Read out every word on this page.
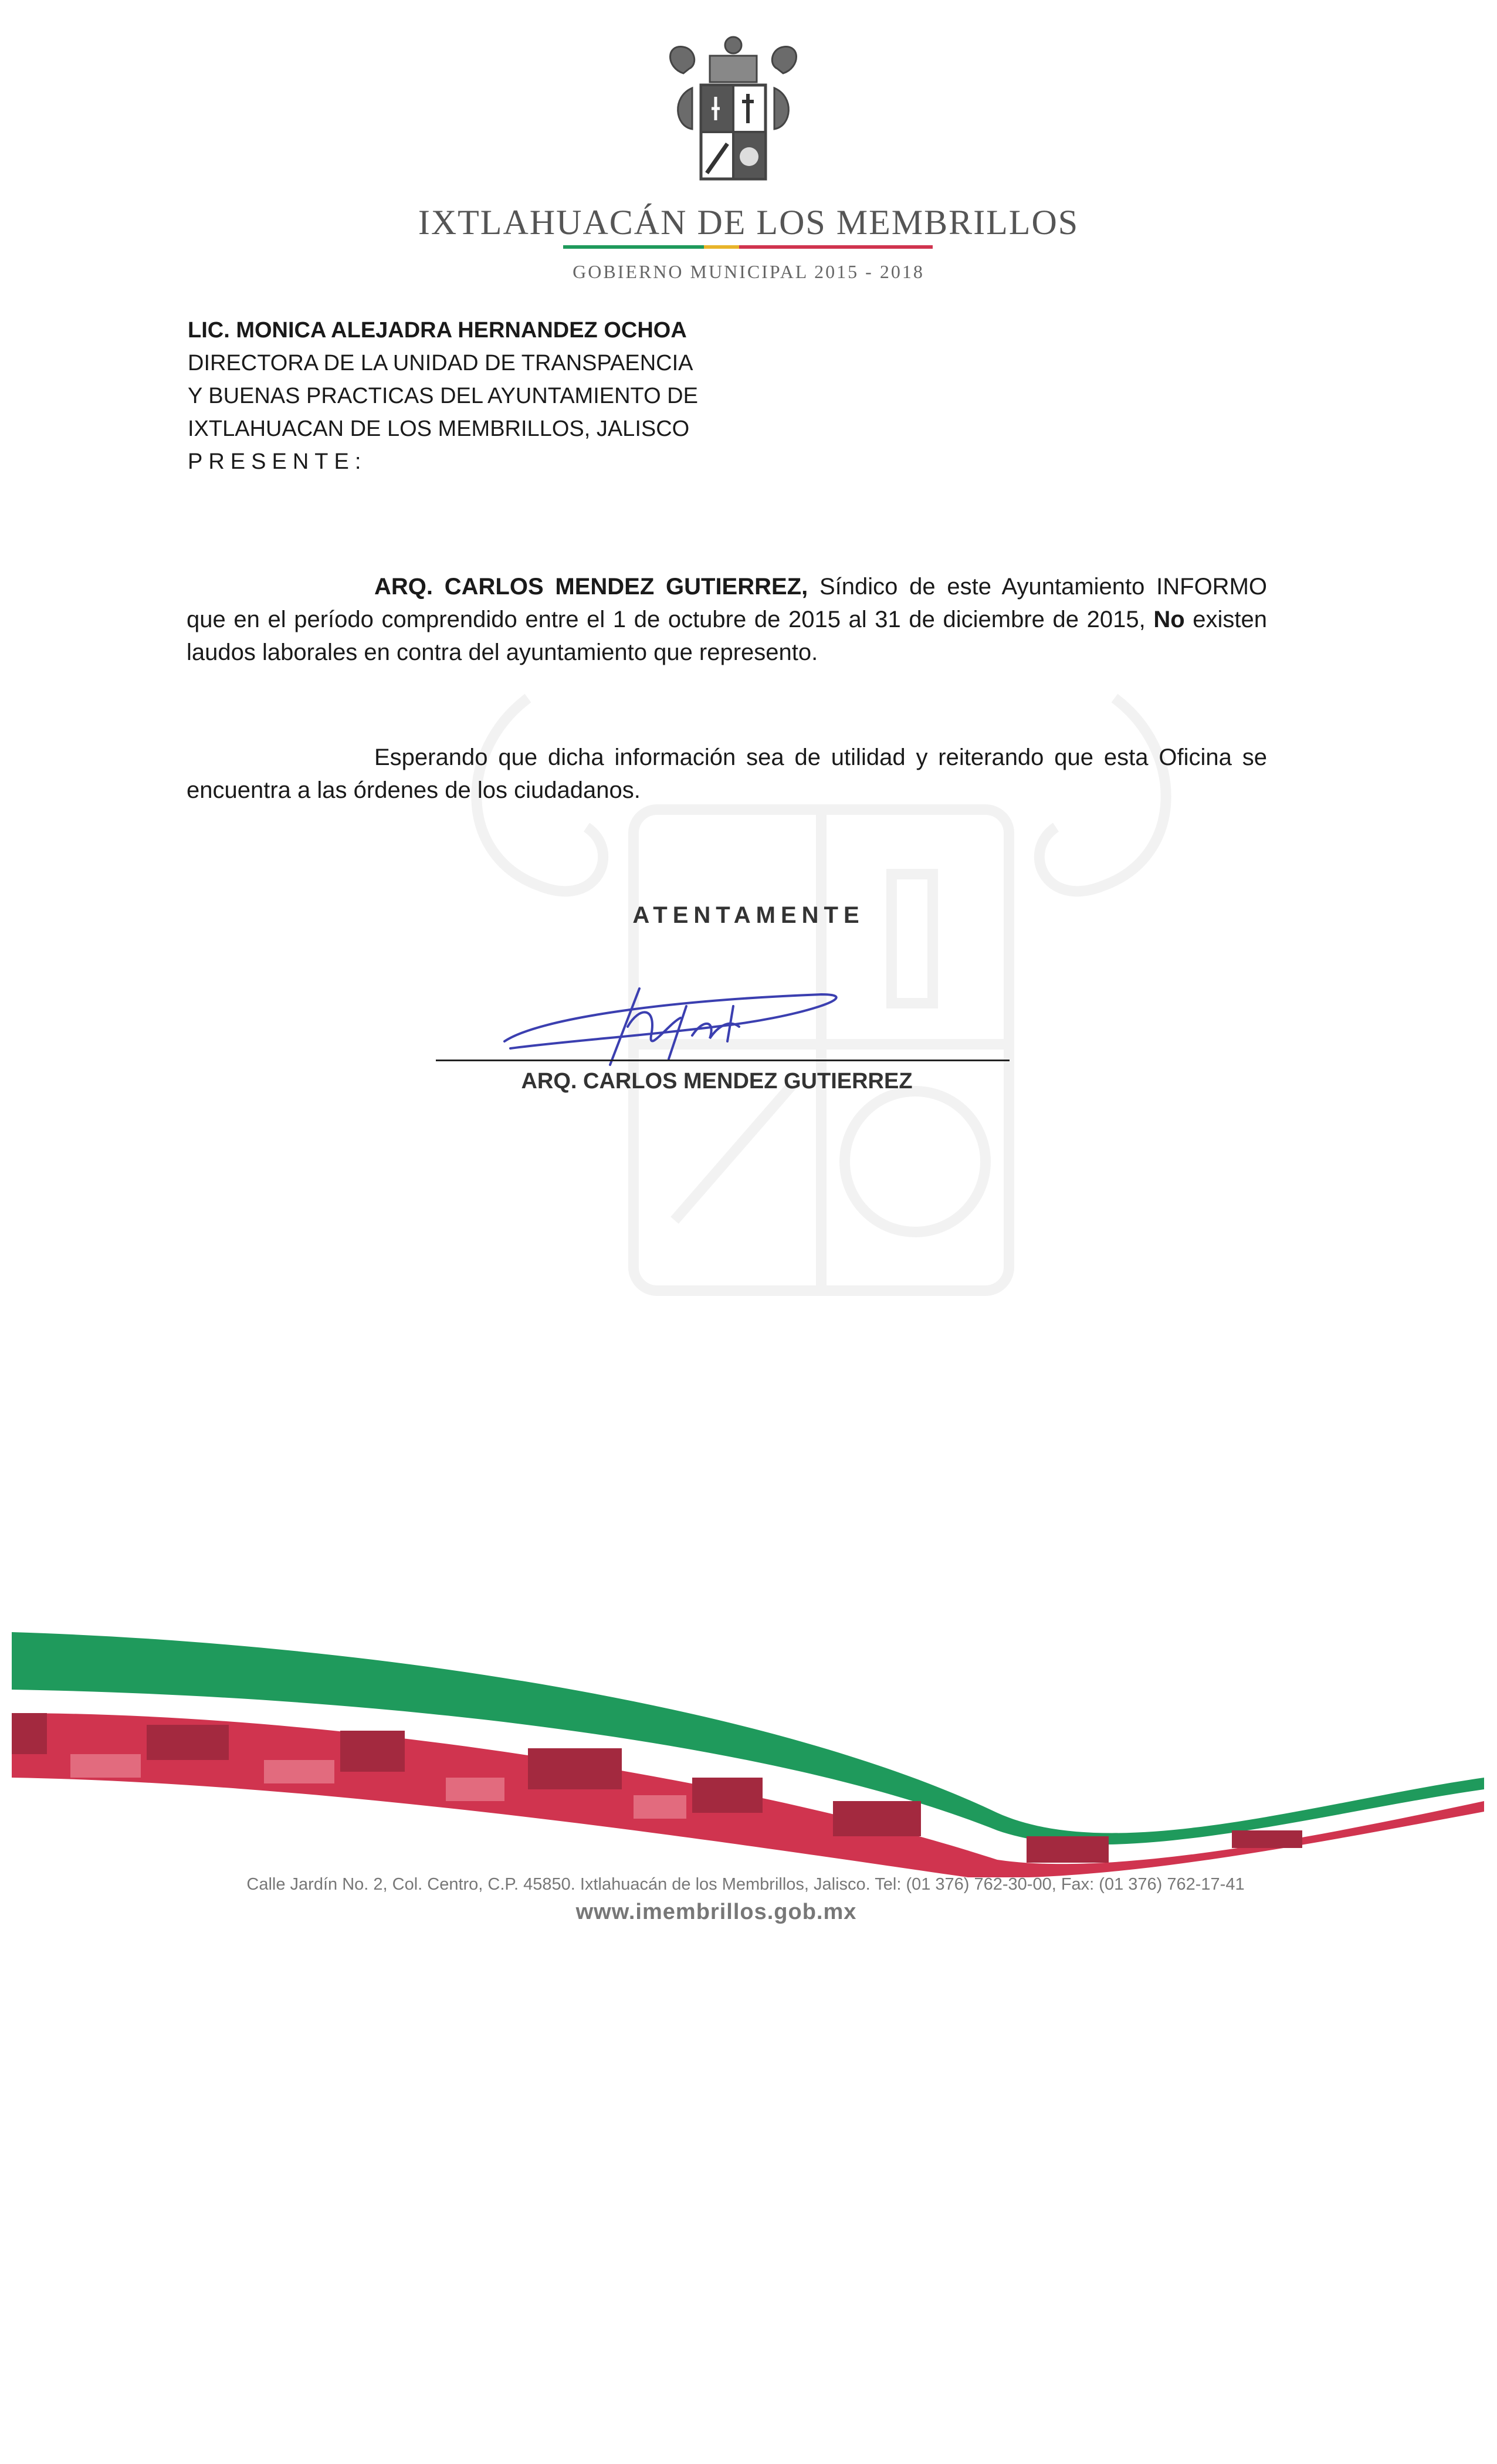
IXTLAHUACÁN DE LOS MEMBRILLOS
GOBIERNO MUNICIPAL 2015 - 2018
LIC. MONICA ALEJADRA HERNANDEZ OCHOA
DIRECTORA DE LA UNIDAD DE TRANSPAENCIA
Y BUENAS PRACTICAS DEL AYUNTAMIENTO DE
IXTLAHUACAN DE LOS MEMBRILLOS, JALISCO
PRESENTE:
ARQ. CARLOS MENDEZ GUTIERREZ, Síndico de este Ayuntamiento INFORMO que en el período comprendido entre el 1 de octubre de 2015 al 31 de diciembre de 2015, No existen laudos laborales en contra del ayuntamiento que represento.
Esperando que dicha información sea de utilidad y reiterando que esta Oficina se encuentra a las órdenes de los ciudadanos.
ATENTAMENTE
ARQ. CARLOS MENDEZ GUTIERREZ
Calle Jardín No. 2, Col. Centro, C.P. 45850. Ixtlahuacán de los Membrillos, Jalisco. Tel: (01 376) 762-30-00, Fax: (01 376) 762-17-41
www.imembrillos.gob.mx
